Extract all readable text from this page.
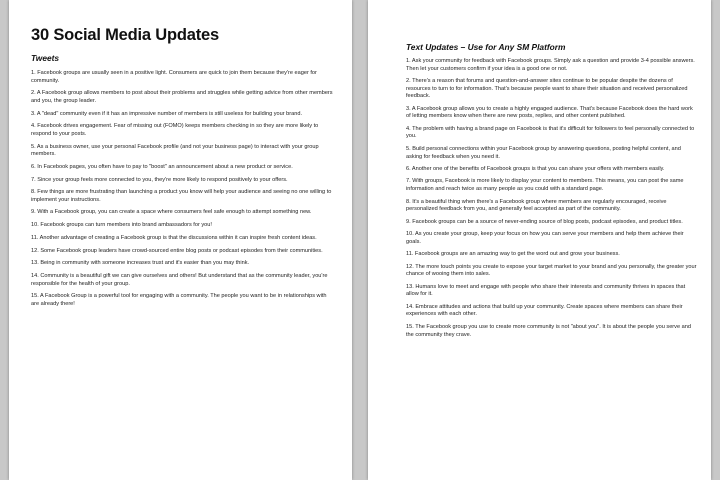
30 Social Media Updates
Tweets
1. Facebook groups are usually seen in a positive light. Consumers are quick to join them because they're eager for community.
2. A Facebook group allows members to post about their problems and struggles while getting advice from other members and you, the group leader.
3. A "dead" community even if it has an impressive number of members is still useless for building your brand.
4. Facebook drives engagement. Fear of missing out (FOMO) keeps members checking in so they are more likely to respond to your posts.
5. As a business owner, use your personal Facebook profile (and not your business page) to interact with your group members.
6. In Facebook pages, you often have to pay to "boost" an announcement about a new product or service.
7. Since your group feels more connected to you, they're more likely to respond positively to your offers.
8. Few things are more frustrating than launching a product you know will help your audience and seeing no one willing to implement your instructions.
9. With a Facebook group, you can create a space where consumers feel safe enough to attempt something new.
10. Facebook groups can turn members into brand ambassadors for you!
11. Another advantage of creating a Facebook group is that the discussions within it can inspire fresh content ideas.
12. Some Facebook group leaders have crowd-sourced entire blog posts or podcast episodes from their communities.
13. Being in community with someone increases trust and it's easier than you may think.
14. Community is a beautiful gift we can give ourselves and others! But understand that as the community leader, you're responsible for the health of your group.
15. A Facebook Group is a powerful tool for engaging with a community. The people you want to be in relationships with are already there!
Text Updates – Use for Any SM Platform
1. Ask your community for feedback with Facebook groups. Simply ask a question and provide 3-4 possible answers. Then let your customers confirm if your idea is a good one or not.
2. There's a reason that forums and question-and-answer sites continue to be popular despite the dozens of resources to turn to for information. That's because people want to share their situation and received personalized feedback.
3. A Facebook group allows you to create a highly engaged audience. That's because Facebook does the hard work of letting members know when there are new posts, replies, and other content published.
4. The problem with having a brand page on Facebook is that it's difficult for followers to feel personally connected to you.
5. Build personal connections within your Facebook group by answering questions, posting helpful content, and asking for feedback when you need it.
6. Another one of the benefits of Facebook groups is that you can share your offers with members easily.
7. With groups, Facebook is more likely to display your content to members. This means, you can post the same information and reach twice as many people as you could with a standard page.
8. It's a beautiful thing when there's a Facebook group where members are regularly encouraged, receive personalized feedback from you, and generally feel accepted as part of the community.
9. Facebook groups can be a source of never-ending source of blog posts, podcast episodes, and product titles.
10. As you create your group, keep your focus on how you can serve your members and help them achieve their goals.
11. Facebook groups are an amazing way to get the word out and grow your business.
12. The more touch points you create to expose your target market to your brand and you personally, the greater your chance of wooing them into sales.
13. Humans love to meet and engage with people who share their interests and community thrives in spaces that allow for it.
14. Embrace attitudes and actions that build up your community. Create spaces where members can share their experiences with each other.
15. The Facebook group you use to create more community is not "about you". It is about the people you serve and the community they crave.
